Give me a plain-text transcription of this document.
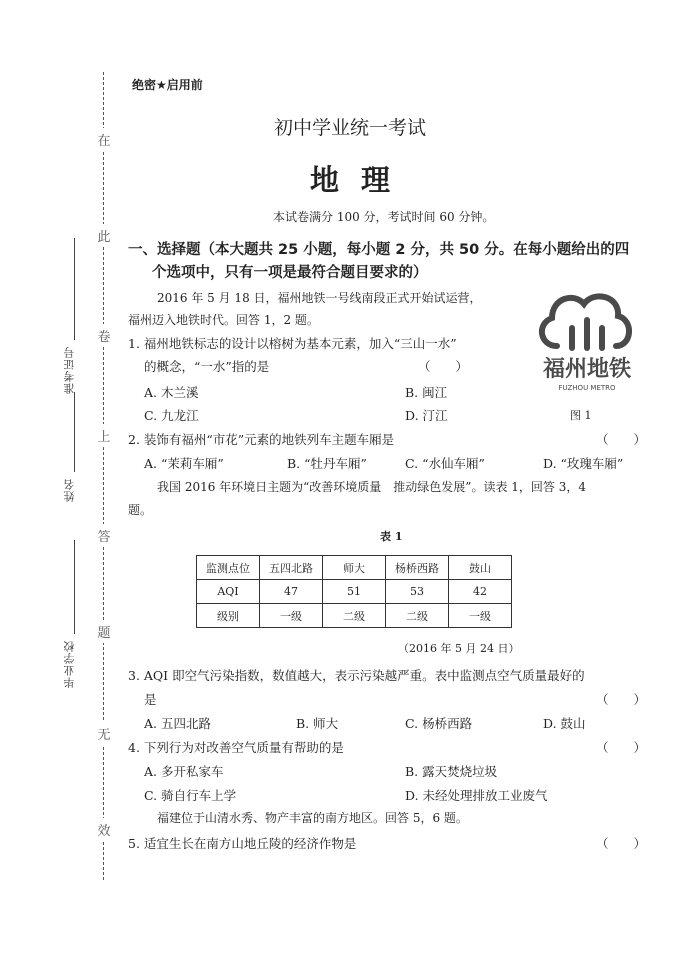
在
此
卷
上
答
题
无
效
准考证号
姓名
毕业学校
绝密★启用前
初中学业统一考试
地理
本试卷满分 100 分，考试时间 60 分钟。
一、选择题（本大题共 25 小题，每小题 2 分，共 50 分。在每小题给出的四
个选项中，只有一项是最符合题目要求的）
2016 年 5 月 18 日，福州地铁一号线南段正式开始试运营，
福州迈入地铁时代。回答 1，2 题。
福州地铁
FUZHOU METRO
图 1
1. 福州地铁标志的设计以榕树为基本元素，加入“三山一水”
的概念，“一水”指的是	（　　）
A. 木兰溪	B. 闽江
C. 九龙江	D. 汀江
2. 装饰有福州“市花”元素的地铁列车主题车厢是	（　　）
A. “茉莉车厢”	B. “牡丹车厢”	C. “水仙车厢”	D. “玫瑰车厢”
我国 2016 年环境日主题为“改善环境质量　推动绿色发展”。读表 1，回答 3，4
题。
表 1
监测点位	五四北路	师大	杨桥西路	鼓山
AQI	47	51	53	42
级别	一级	二级	二级	一级
（2016 年 5 月 24 日）
3. AQI 即空气污染指数，数值越大，表示污染越严重。表中监测点空气质量最好的
是	（　　）
A. 五四北路	B. 师大	C. 杨桥西路	D. 鼓山
4. 下列行为对改善空气质量有帮助的是	（　　）
A. 多开私家车	B. 露天焚烧垃圾
C. 骑自行车上学	D. 未经处理排放工业废气
福建位于山清水秀、物产丰富的南方地区。回答 5，6 题。
5. 适宜生长在南方山地丘陵的经济作物是	（　　）
